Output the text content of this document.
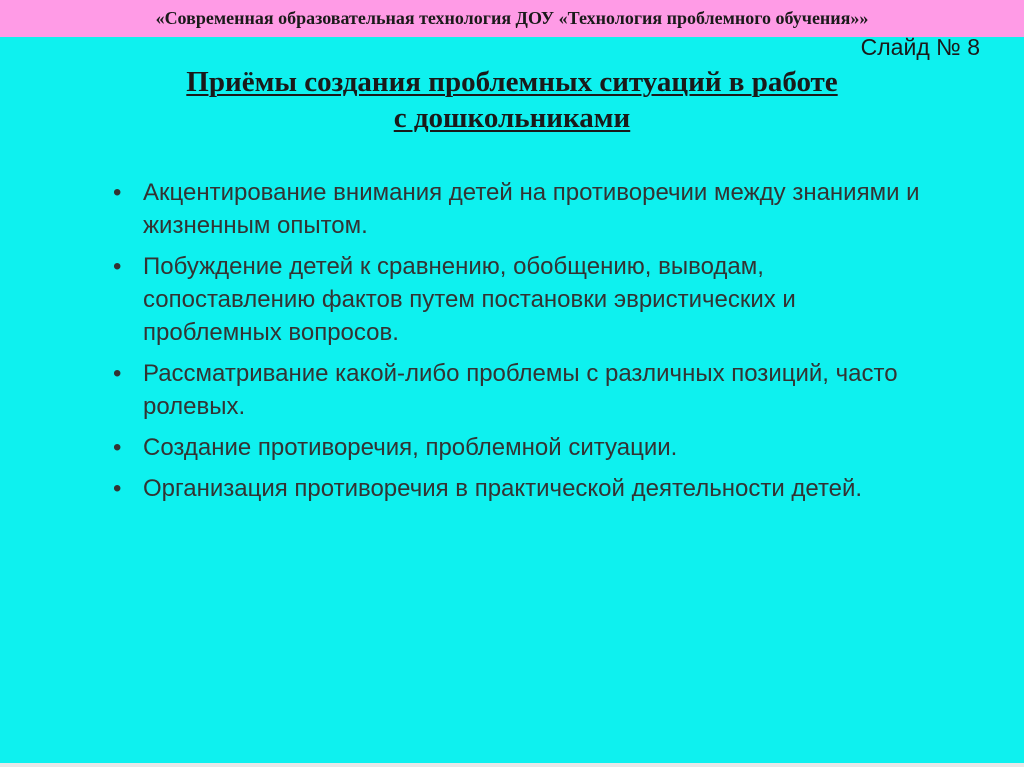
«Современная образовательная технология ДОУ «Технология проблемного обучения»»
Слайд № 8
Приёмы создания проблемных ситуаций в работе
с дошкольниками
• Акцентирование внимания детей на противоречии между знаниями и жизненным опытом.
• Побуждение детей к сравнению, обобщению, выводам, сопоставлению фактов путем постановки эвристических и проблемных вопросов.
• Рассматривание какой-либо проблемы с различных позиций, часто ролевых.
• Создание противоречия, проблемной ситуации.
• Организация противоречия в практической деятельности детей.
